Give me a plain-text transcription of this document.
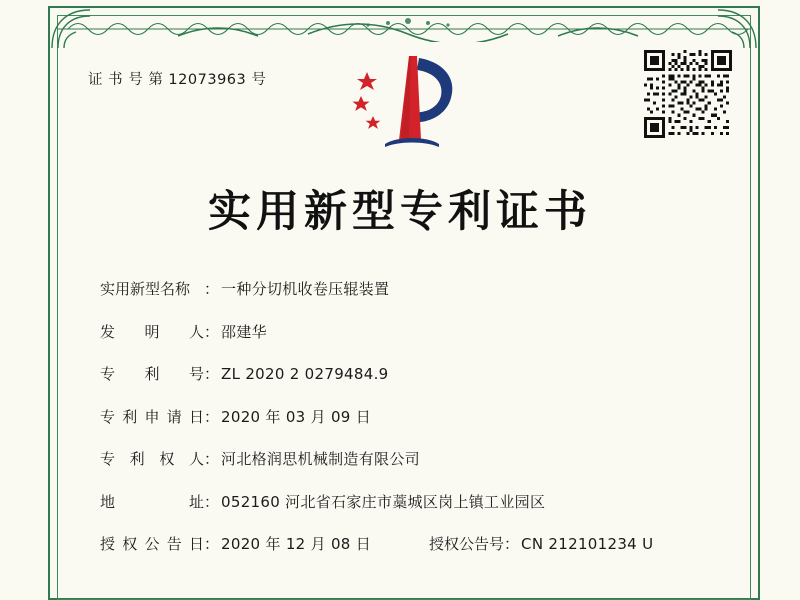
证 书 号 第 12073963 号
实用新型专利证书
实用新型名称 ： 一种分切机收卷压辊装置
发 明 人 ： 邵建华
专 利 号 ： ZL 2020 2 0279484.9
专利申请日 ： 2020 年 03 月 09 日
专 利 权 人 ： 河北格润思机械制造有限公司
地 址 ： 052160 河北省石家庄市藁城区岗上镇工业园区
授权公告日 ： 2020 年 12 月 08 日	授权公告号 ： CN 212101234 U
